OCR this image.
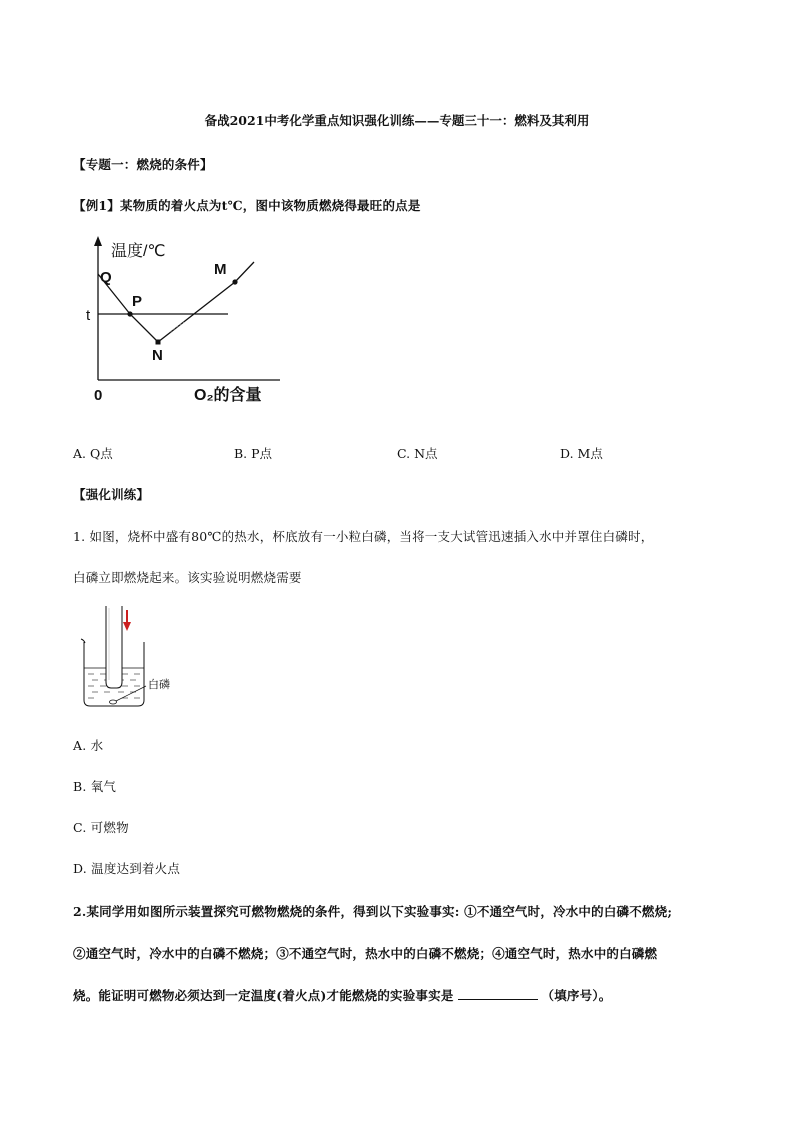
备战2021中考化学重点知识强化训练——专题三十一：燃料及其利用
【专题一：燃烧的条件】
【例1】某物质的着火点为t℃，图中该物质燃烧得最旺的点是
温度/℃
Q
P
N
M
t
0	O₂的含量
A. Q点	B. P点	C. N点	D. M点
【强化训练】
1. 如图，烧杯中盛有80℃的热水，杯底放有一小粒白磷，当将一支大试管迅速插入水中并罩住白磷时，
白磷立即燃烧起来。该实验说明燃烧需要
白磷
A. 水
B. 氧气
C. 可燃物
D. 温度达到着火点
2.某同学用如图所示装置探究可燃物燃烧的条件，得到以下实验事实: ①不通空气时，冷水中的白磷不燃烧;
②通空气时，冷水中的白磷不燃烧；③不通空气时，热水中的白磷不燃烧；④通空气时，热水中的白磷燃
烧。能证明可燃物必须达到一定温度(着火点)才能燃烧的实验事实是	（填序号）。
